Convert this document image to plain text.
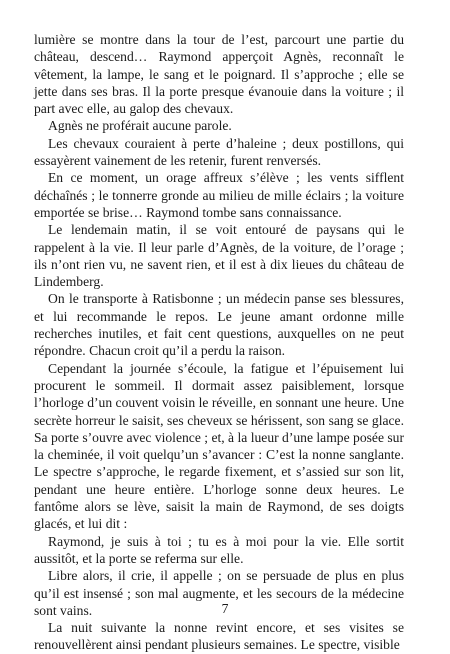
lumière se montre dans la tour de l’est, parcourt une partie du château, descend… Raymond apperçoit Agnès, reconnaît le vêtement, la lampe, le sang et le poignard. Il s’approche ; elle se jette dans ses bras. Il la porte presque évanouie dans la voiture ; il part avec elle, au galop des chevaux.

Agnès ne proférait aucune parole.

Les chevaux couraient à perte d’haleine ; deux postillons, qui essayèrent vainement de les retenir, furent renversés.

En ce moment, un orage affreux s’élève ; les vents sifflent déchaînés ; le tonnerre gronde au milieu de mille éclairs ; la voiture emportée se brise… Raymond tombe sans connaissance.

Le lendemain matin, il se voit entouré de paysans qui le rappelent à la vie. Il leur parle d’Agnès, de la voiture, de l’orage ; ils n’ont rien vu, ne savent rien, et il est à dix lieues du château de Lindemberg.

On le transporte à Ratisbonne ; un médecin panse ses blessures, et lui recommande le repos. Le jeune amant ordonne mille recherches inutiles, et fait cent questions, auxquelles on ne peut répondre. Chacun croit qu’il a perdu la raison.

Cependant la journée s’écoule, la fatigue et l’épuisement lui procurent le sommeil. Il dormait assez paisiblement, lorsque l’horloge d’un couvent voisin le réveille, en sonnant une heure. Une secrète horreur le saisit, ses cheveux se hérissent, son sang se glace. Sa porte s’ouvre avec violence ; et, à la lueur d’une lampe posée sur la cheminée, il voit quelqu’un s’avancer : C’est la nonne sanglante. Le spectre s’approche, le regarde fixement, et s’assied sur son lit, pendant une heure entière. L’horloge sonne deux heures. Le fantôme alors se lève, saisit la main de Raymond, de ses doigts glacés, et lui dit :

Raymond, je suis à toi ; tu es à moi pour la vie. Elle sortit aussitôt, et la porte se referma sur elle.

Libre alors, il crie, il appelle ; on se persuade de plus en plus qu’il est insensé ; son mal augmente, et les secours de la médecine sont vains.

La nuit suivante la nonne revint encore, et ses visites se renouvellèrent ainsi pendant plusieurs semaines. Le spectre, visible

7
